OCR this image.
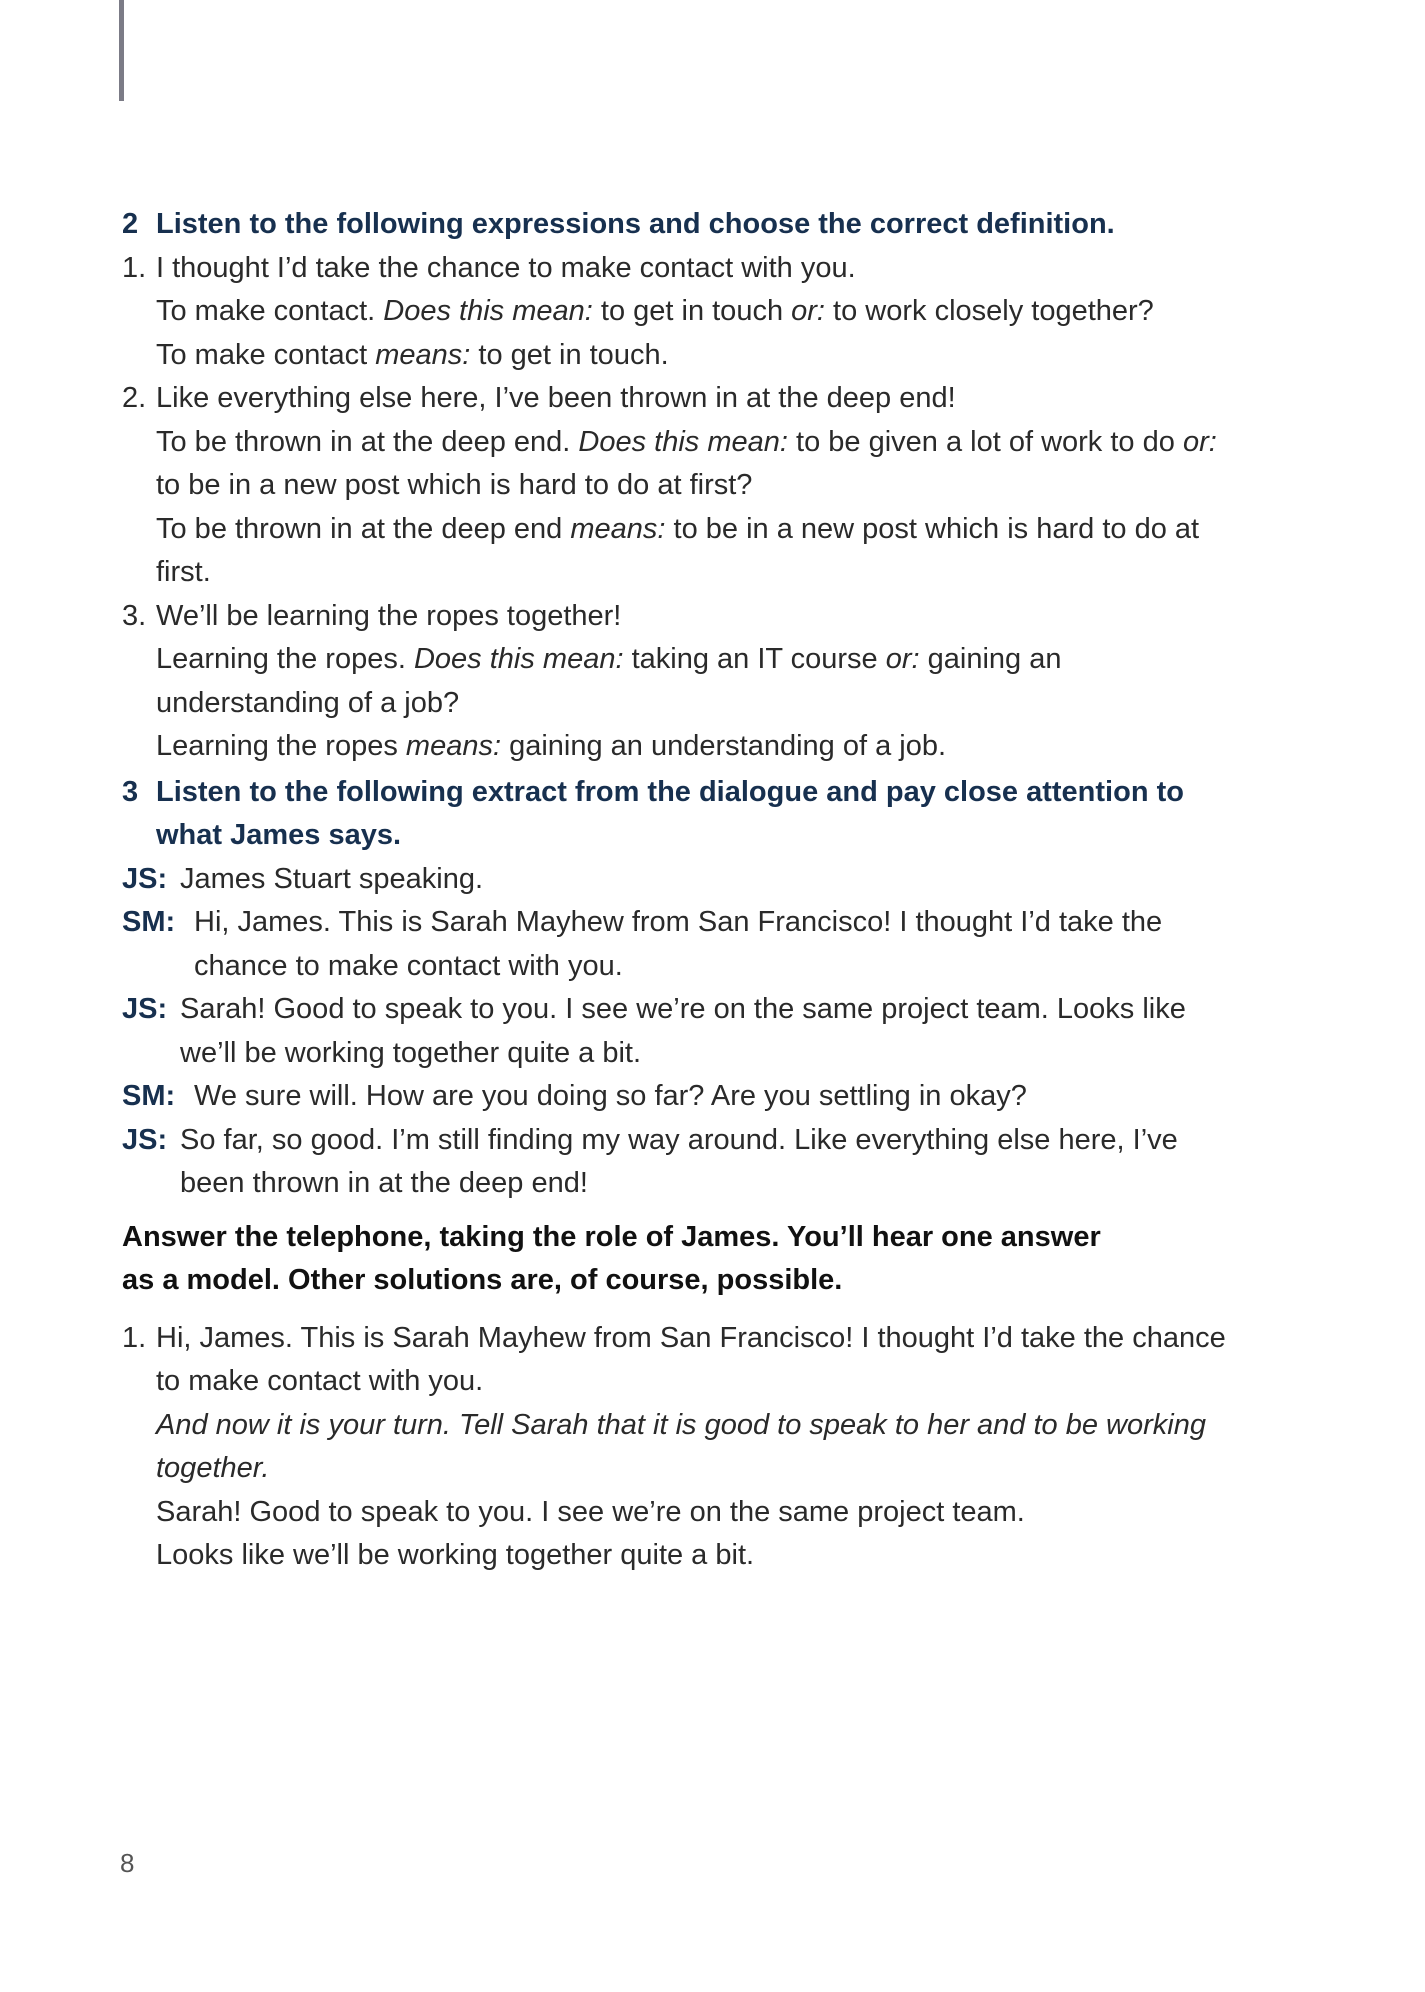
2 Listen to the following expressions and choose the correct definition.
1. I thought I’d take the chance to make contact with you.
To make contact. Does this mean: to get in touch or: to work closely together?
To make contact means: to get in touch.
2. Like everything else here, I’ve been thrown in at the deep end!
To be thrown in at the deep end. Does this mean: to be given a lot of work to do or: to be in a new post which is hard to do at first?
To be thrown in at the deep end means: to be in a new post which is hard to do at first.
3. We’ll be learning the ropes together!
Learning the ropes. Does this mean: taking an IT course or: gaining an understanding of a job?
Learning the ropes means: gaining an understanding of a job.
3 Listen to the following extract from the dialogue and pay close attention to what James says.
JS: James Stuart speaking.
SM: Hi, James. This is Sarah Mayhew from San Francisco! I thought I’d take the chance to make contact with you.
JS: Sarah! Good to speak to you. I see we’re on the same project team. Looks like we’ll be working together quite a bit.
SM: We sure will. How are you doing so far? Are you settling in okay?
JS: So far, so good. I’m still finding my way around. Like everything else here, I’ve been thrown in at the deep end!
Answer the telephone, taking the role of James. You’ll hear one answer
as a model. Other solutions are, of course, possible.
1. Hi, James. This is Sarah Mayhew from San Francisco! I thought I’d take the chance to make contact with you.
And now it is your turn. Tell Sarah that it is good to speak to her and to be working together.
Sarah! Good to speak to you. I see we’re on the same project team.
Looks like we’ll be working together quite a bit.
8
